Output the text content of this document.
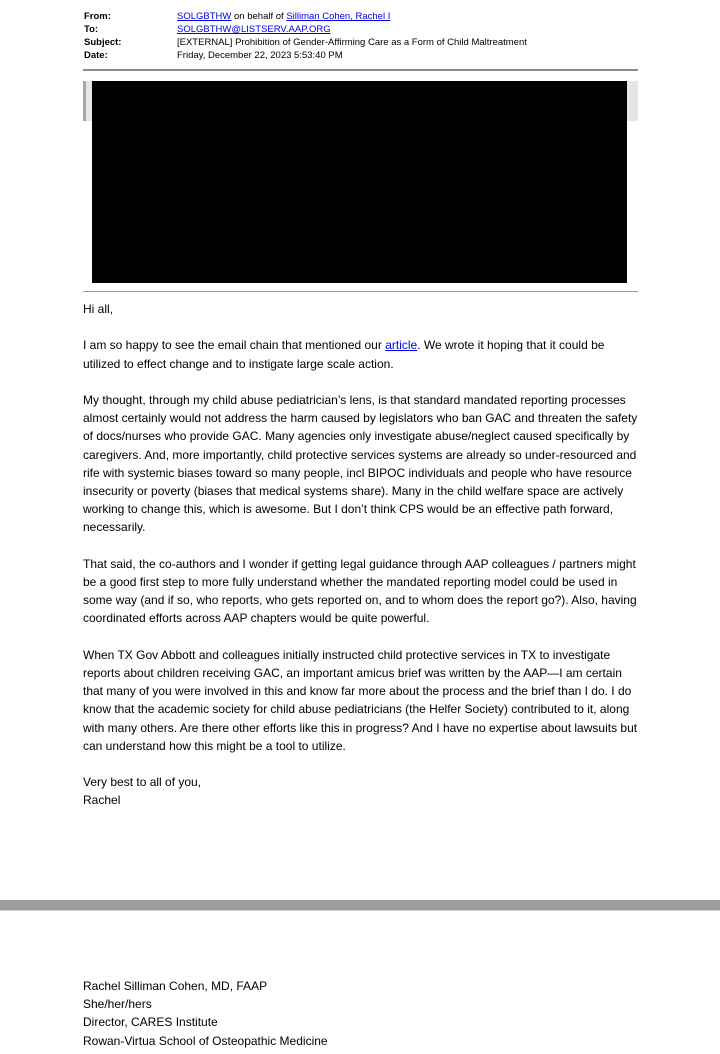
From:	SOLGBTHW on behalf of Silliman Cohen, Rachel I
To:	SOLGBTHW@LISTSERV.AAP.ORG
Subject:	[EXTERNAL] Prohibition of Gender-Affirming Care as a Form of Child Maltreatment
Date:	Friday, December 22, 2023 5:53:40 PM

Hi all,

I am so happy to see the email chain that mentioned our article. We wrote it hoping that it could be utilized to effect change and to instigate large scale action.

My thought, through my child abuse pediatrician’s lens, is that standard mandated reporting processes almost certainly would not address the harm caused by legislators who ban GAC and threaten the safety of docs/nurses who provide GAC. Many agencies only investigate abuse/neglect caused specifically by caregivers. And, more importantly, child protective services systems are already so under-resourced and rife with systemic biases toward so many people, incl BIPOC individuals and people who have resource insecurity or poverty (biases that medical systems share). Many in the child welfare space are actively working to change this, which is awesome. But I don’t think CPS would be an effective path forward, necessarily.

That said, the co-authors and I wonder if getting legal guidance through AAP colleagues / partners might be a good first step to more fully understand whether the mandated reporting model could be used in some way (and if so, who reports, who gets reported on, and to whom does the report go?). Also, having coordinated efforts across AAP chapters would be quite powerful.

When TX Gov Abbott and colleagues initially instructed child protective services in TX to investigate reports about children receiving GAC, an important amicus brief was written by the AAP—I am certain that many of you were involved in this and know far more about the process and the brief than I do. I do know that the academic society for child abuse pediatricians (the Helfer Society) contributed to it, along with many others. Are there other efforts like this in progress? And I have no expertise about lawsuits but can understand how this might be a tool to utilize.

Very best to all of you,
Rachel
Rachel Silliman Cohen, MD, FAAP
She/her/hers
Director, CARES Institute
Rowan-Virtua School of Osteopathic Medicine
